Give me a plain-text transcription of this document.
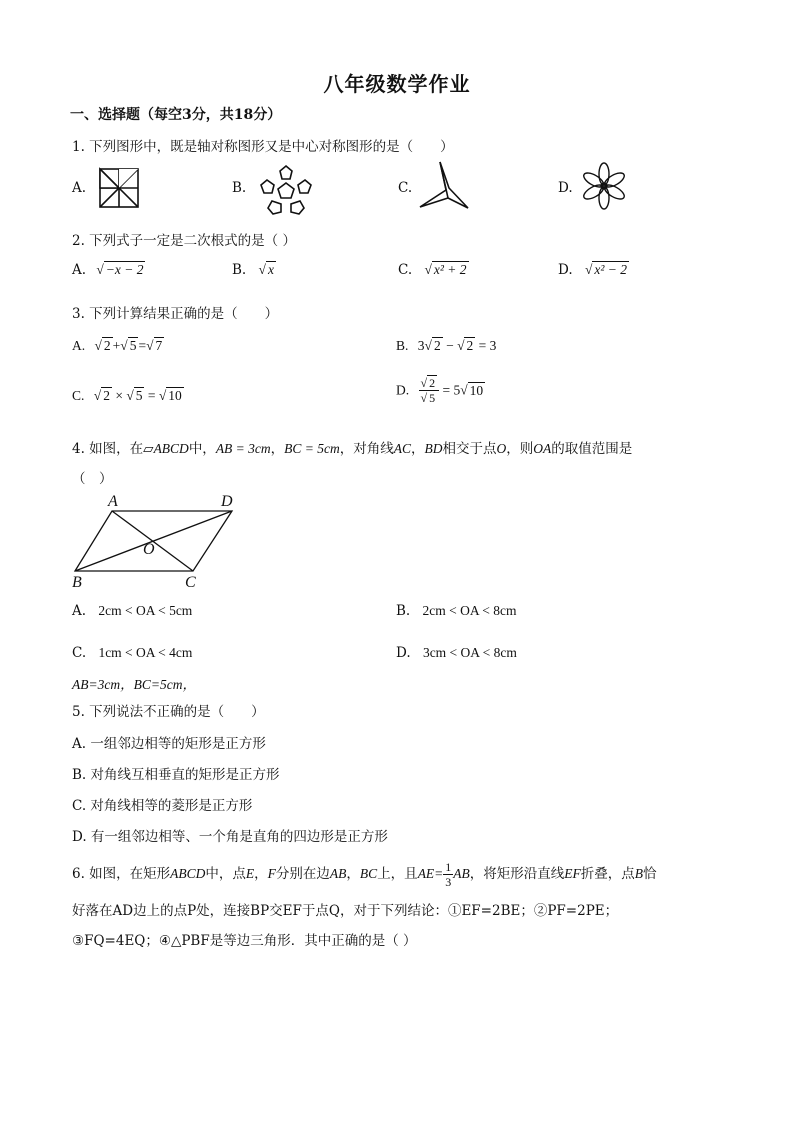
八年级数学作业
一、选择题（每空3分，共18分）
1. 下列图形中，既是轴对称图形又是中心对称图形的是（　　）
A.	B.	C.	D.
2. 下列式子一定是二次根式的是（ ）
A. √ −x − 2	B. √ x	C. √ x² + 2	D. √ x² − 2
3. 下列计算结果正确的是（　　）
A. √ 2 +√ 5 =√ 7	B. 3√ 2 − √ 2 = 3
C. √ 2 × √ 5 = √ 10	D. $\frac{√ 2}{√ 5} = 5√$ 10
4. 如图，在▱ABCD中，AB = 3cm，BC = 5cm，对角线AC，BD相交于点O，则OA的取值范围是
（　）
A	D
O
B	C
A. 2cm < OA < 5cm	B. 2cm < OA < 8cm
C. 1cm < OA < 4cm	D. 3cm < OA < 8cm
AB=3cm，BC=5cm，
5. 下列说法不正确的是（　　）
A. 一组邻边相等的矩形是正方形
B. 对角线互相垂直的矩形是正方形
C. 对角线相等的菱形是正方形
D. 有一组邻边相等、一个角是直角的四边形是正方形
6. 如图，在矩形ABCD中，点E，F分别在边AB，BC上，且$AE= \frac{1}{3}$ AB，将矩形沿直线EF折叠，点B恰
好落在AD边上的点P处，连接BP交EF于点Q，对于下列结论：①EF=2BE；②PF=2PE；
③FQ=4EQ；④△PBF是等边三角形．其中正确的是（ ）
